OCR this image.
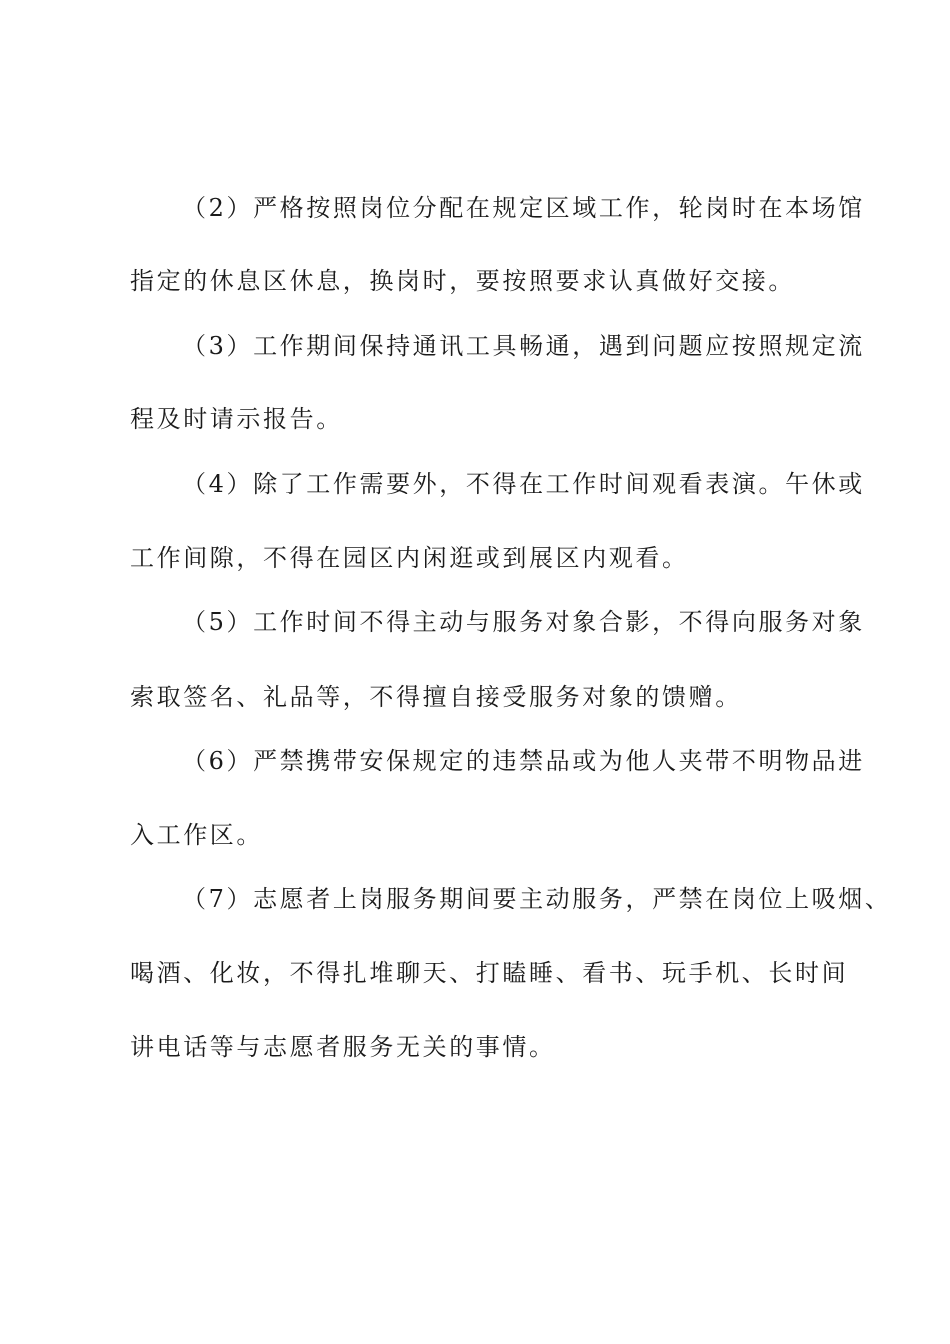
（2）严格按照岗位分配在规定区域工作，轮岗时在本场馆
指定的休息区休息，换岗时，要按照要求认真做好交接。
（3）工作期间保持通讯工具畅通，遇到问题应按照规定流
程及时请示报告。
（4）除了工作需要外，不得在工作时间观看表演。午休或
工作间隙，不得在园区内闲逛或到展区内观看。
（5）工作时间不得主动与服务对象合影，不得向服务对象
索取签名、礼品等，不得擅自接受服务对象的馈赠。
（6）严禁携带安保规定的违禁品或为他人夹带不明物品进
入工作区。
（7）志愿者上岗服务期间要主动服务，严禁在岗位上吸烟、
喝酒、化妆，不得扎堆聊天、打瞌睡、看书、玩手机、长时间
讲电话等与志愿者服务无关的事情。
